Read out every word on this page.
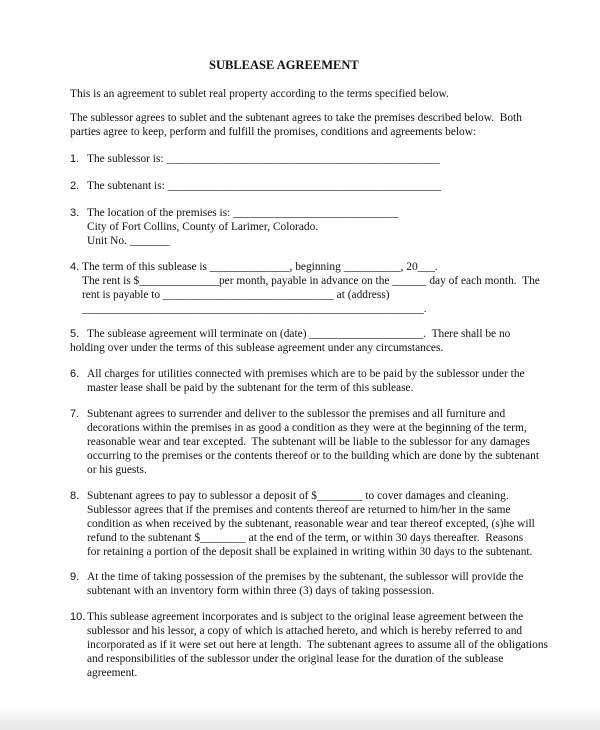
SUBLEASE AGREEMENT
This is an agreement to sublet real property according to the terms specified below.
The sublessor agrees to sublet and the subtenant agrees to take the premises described below.  Both
parties agree to keep, perform and fulfill the promises, conditions and agreements below:
1. The sublessor is: ________________________________________________
2. The subtenant is: ________________________________________________
3. The location of the premises is: _____________________________
City of Fort Collins, County of Larimer, Colorado.
Unit No. _______
4. The term of this sublease is ______________, beginning __________, 20___.
The rent is $______________per month, payable in advance on the ______ day of each month.  The
rent is payable to ______________________________ at (address)
____________________________________________________________.
5. The sublease agreement will terminate on (date) ____________________.  There shall be no
holding over under the terms of this sublease agreement under any circumstances.
6. All charges for utilities connected with premises which are to be paid by the sublessor under the
master lease shall be paid by the subtenant for the term of this sublease.
7. Subtenant agrees to surrender and deliver to the sublessor the premises and all furniture and
decorations within the premises in as good a condition as they were at the beginning of the term,
reasonable wear and tear excepted.  The subtenant will be liable to the sublessor for any damages
occurring to the premises or the contents thereof or to the building which are done by the subtenant
or his guests.
8. Subtenant agrees to pay to sublessor a deposit of $________ to cover damages and cleaning.
Sublessor agrees that if the premises and contents thereof are returned to him/her in the same
condition as when received by the subtenant, reasonable wear and tear thereof excepted, (s)he will
refund to the subtenant $________ at the end of the term, or within 30 days thereafter.  Reasons
for retaining a portion of the deposit shall be explained in writing within 30 days to the subtenant.
9. At the time of taking possession of the premises by the subtenant, the sublessor will provide the
subtenant with an inventory form within three (3) days of taking possession.
10. This sublease agreement incorporates and is subject to the original lease agreement between the
sublessor and his lessor, a copy of which is attached hereto, and which is hereby referred to and
incorporated as if it were set out here at length.  The subtenant agrees to assume all of the obligations
and responsibilities of the sublessor under the original lease for the duration of the sublease
agreement.
